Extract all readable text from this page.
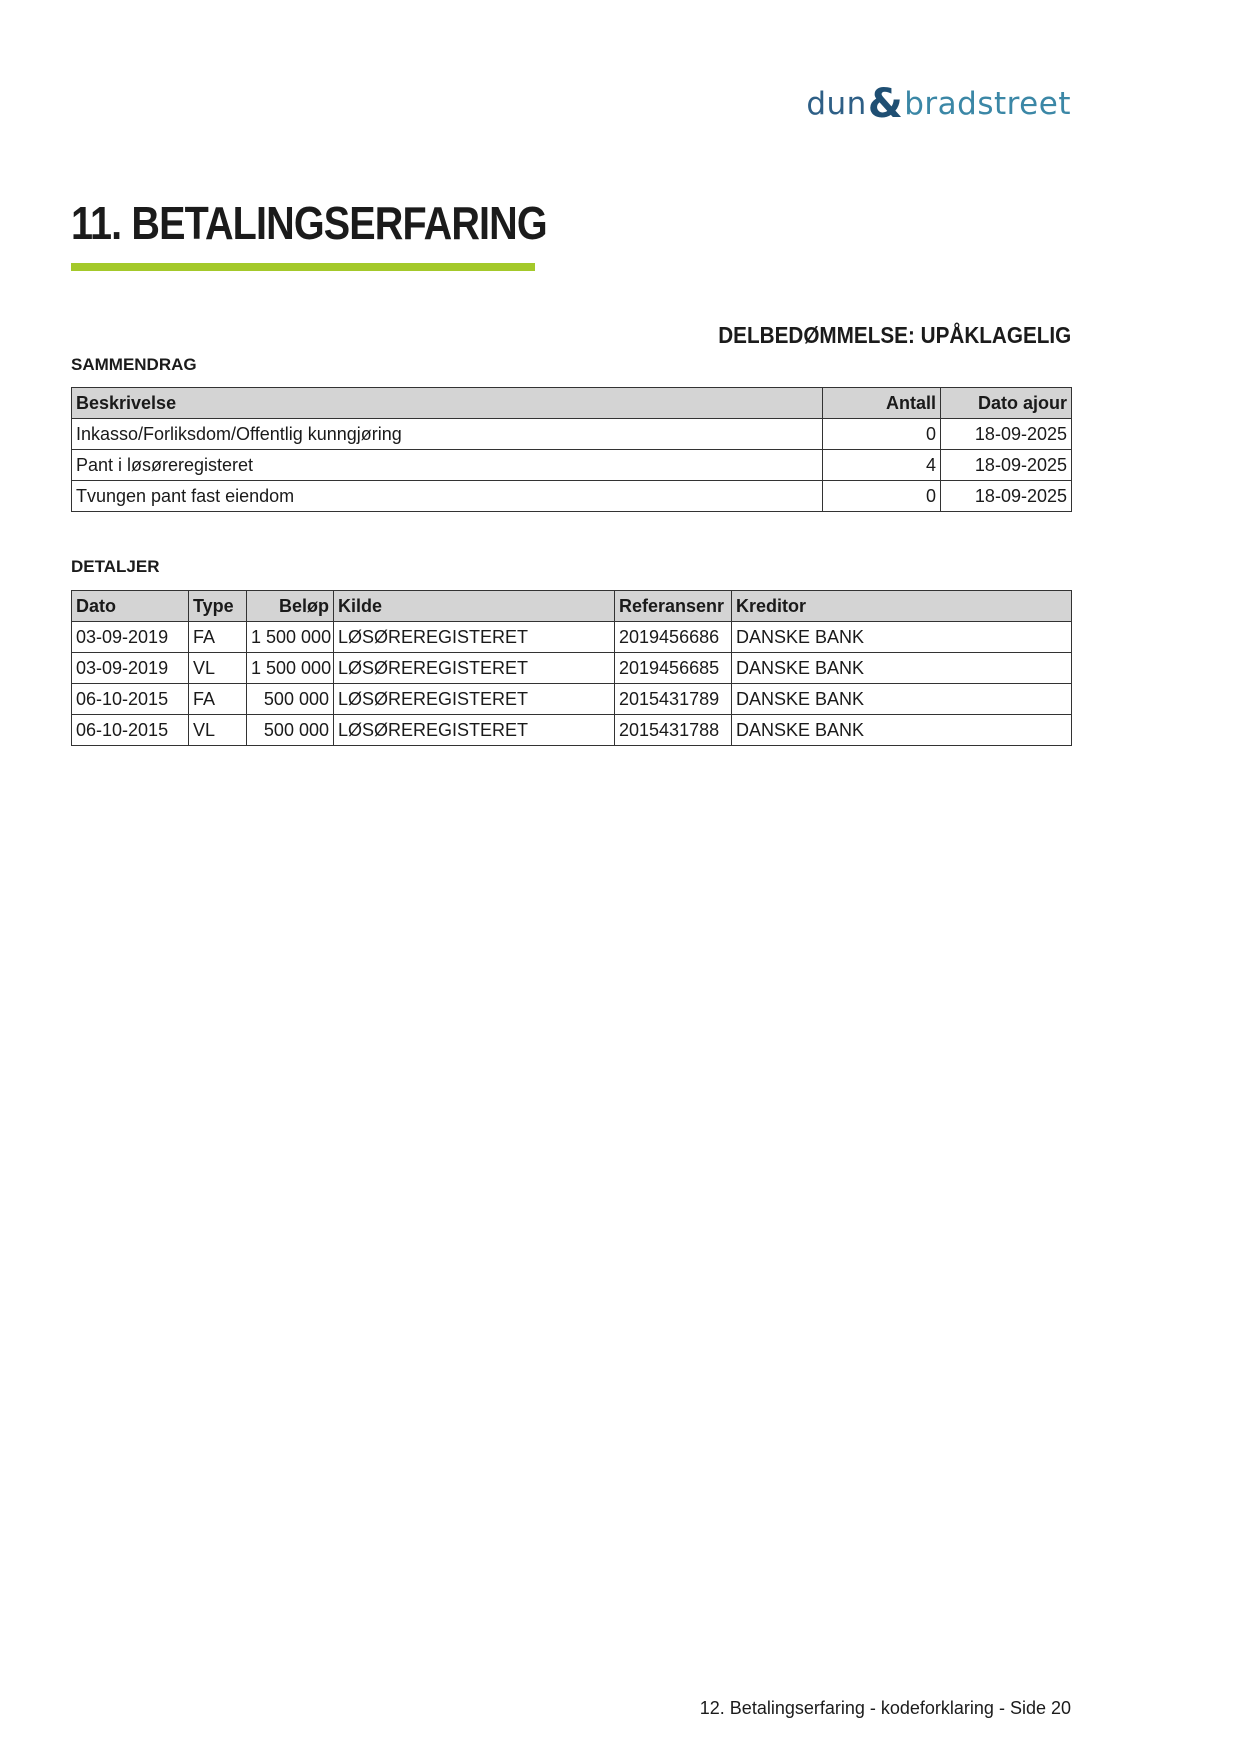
dun&bradstreet
11. BETALINGSERFARING
DELBEDØMMELSE: UPÅKLAGELIG
SAMMENDRAG
Beskrivelse	Antall	Dato ajour
Inkasso/Forliksdom/Offentlig kunngjøring	0	18-09-2025
Pant i løsøreregisteret	4	18-09-2025
Tvungen pant fast eiendom	0	18-09-2025
DETALJER
Dato	Type	Beløp	Kilde	Referansenr	Kreditor
03-09-2019	FA	1 500 000	LØSØREREGISTERET	2019456686	DANSKE BANK
03-09-2019	VL	1 500 000	LØSØREREGISTERET	2019456685	DANSKE BANK
06-10-2015	FA	500 000	LØSØREREGISTERET	2015431789	DANSKE BANK
06-10-2015	VL	500 000	LØSØREREGISTERET	2015431788	DANSKE BANK
12. Betalingserfaring - kodeforklaring - Side 20
